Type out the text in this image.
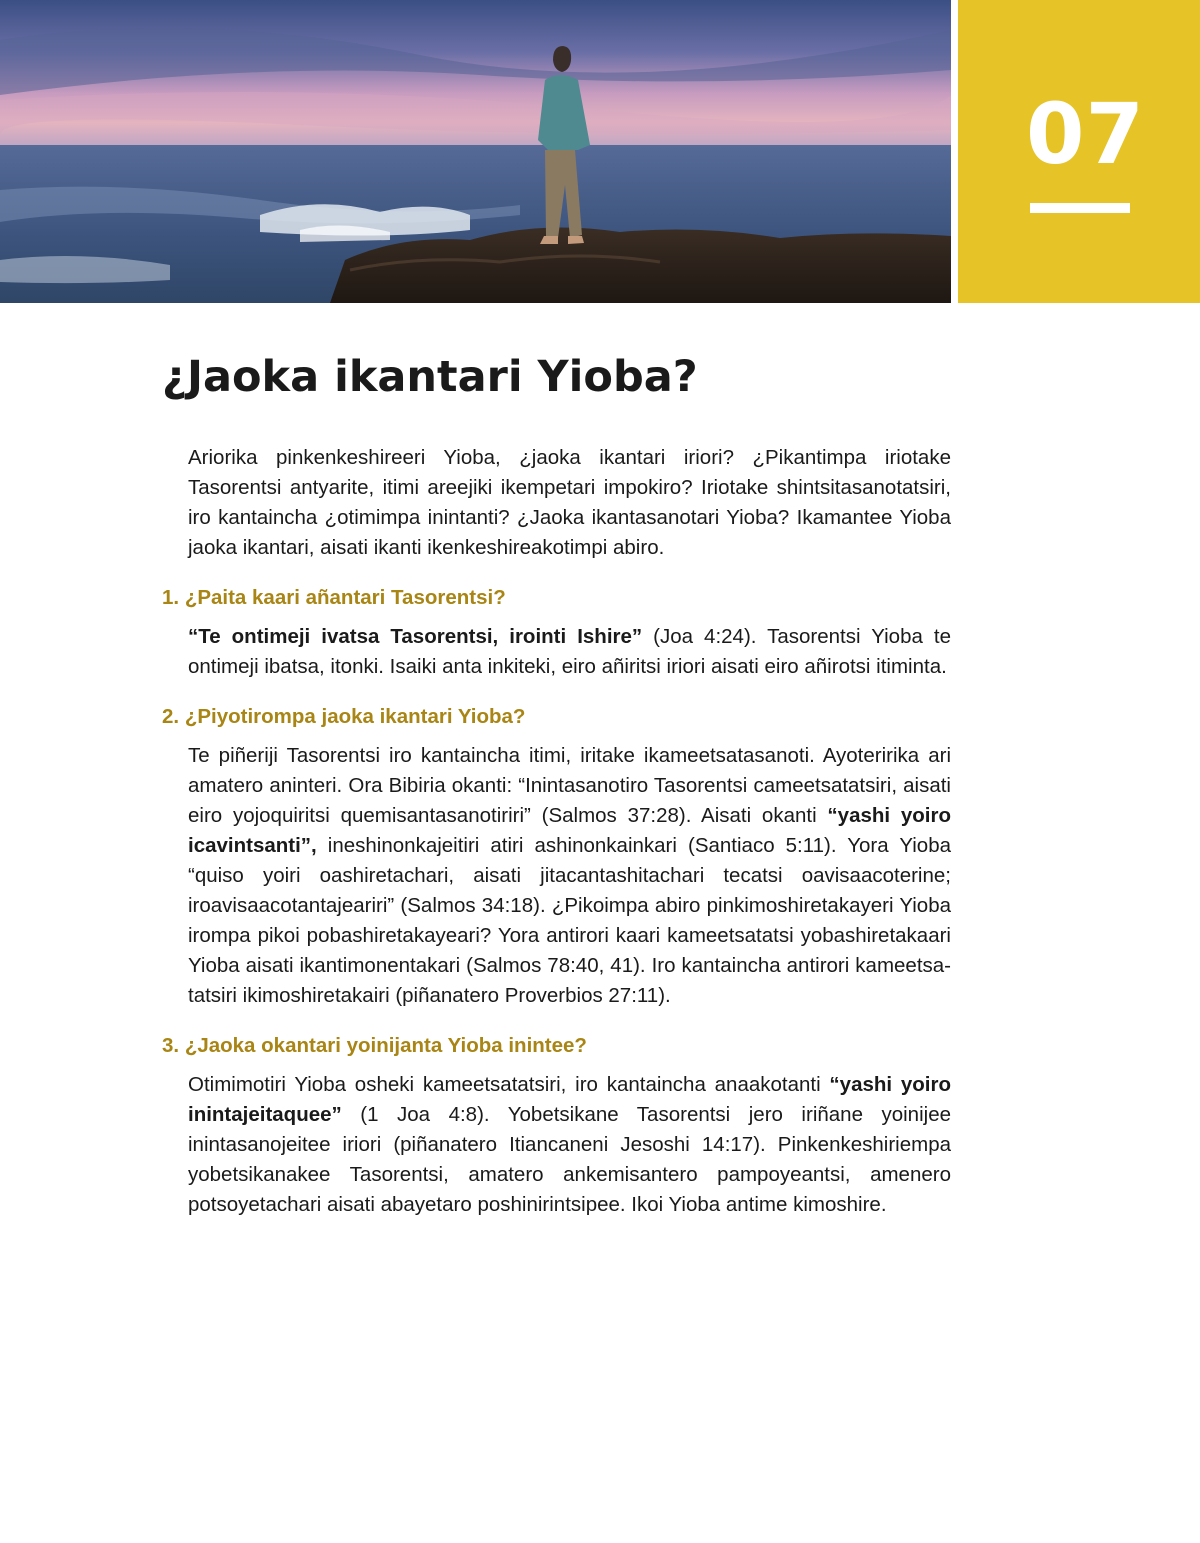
07
¿Jaoka ikantari Yioba?

Ariorika pinkenkeshireeri Yioba, ¿jaoka ikantari iriori? ¿Pikantimpa iriotake Tasorentsi antyarite, itimi areejiki ikempetari impokiro? Iriotake shintsitasanotatsiri, iro kantaincha ¿otimimpa inintanti? ¿Jaoka ikantasanotari Yioba? Ikamantee Yioba jaoka ikantari, aisati ikanti ikenkeshireakotimpi abiro.

1. ¿Paita kaari añantari Tasorentsi?

“Te ontimeji ivatsa Tasorentsi, irointi Ishire” (Joa 4:24). Tasorentsi Yioba te ontimeji ibatsa, itonki. Isaiki anta inkiteki, eiro añiritsi iriori aisati eiro añirotsi itiminta.

2. ¿Piyotirompa jaoka ikantari Yioba?

Te piñeriji Tasorentsi iro kantaincha itimi, iritake ikameetsatasanoti. Ayoteririka ari amatero aninteri. Ora Bibiria okanti: “Inintasanotiro Tasorentsi cameetsatatsiri, aisati eiro yojoquiritsi quemisantasanotiriri” (Salmos 37:28). Aisati okanti “yashi yoiro icavintsanti”, ineshinonkajeitiri atiri ashinonkainkari (Santiaco 5:11). Yora Yioba “quiso yoiri oashiretachari, aisati jitacantashitachari tecatsi oavisaacoterine; iroavisaacotantajeariri” (Salmos 34:18). ¿Pikoimpa abiro pinkimoshiretakayeri Yioba irompa pikoi pobashiretakayeari? Yora antirori kaari kameetsatatsi yobashiretakaari Yioba aisati ikantimonentakari (Salmos 78:40, 41). Iro kantaincha antirori kameetsatatsiri ikimoshiretakairi (piñanatero Proverbios 27:11).

3. ¿Jaoka okantari yoinijanta Yioba inintee?

Otimimotiri Yioba osheki kameetsatatsiri, iro kantaincha anaakotanti “yashi yoiro inintajeitaquee” (1 Joa 4:8). Yobetsikane Tasorentsi jero iriñane yoinijee inintasanojeitee iriori (piñanatero Itiancaneni Jesoshi 14:17). Pinkenkeshiriempa yobetsikanakee Tasorentsi, amatero ankemisantero pampoyeantsi, amenero potsoyetachari aisati abayetaro poshinirintsipee. Ikoi Yioba antime kimoshire.
